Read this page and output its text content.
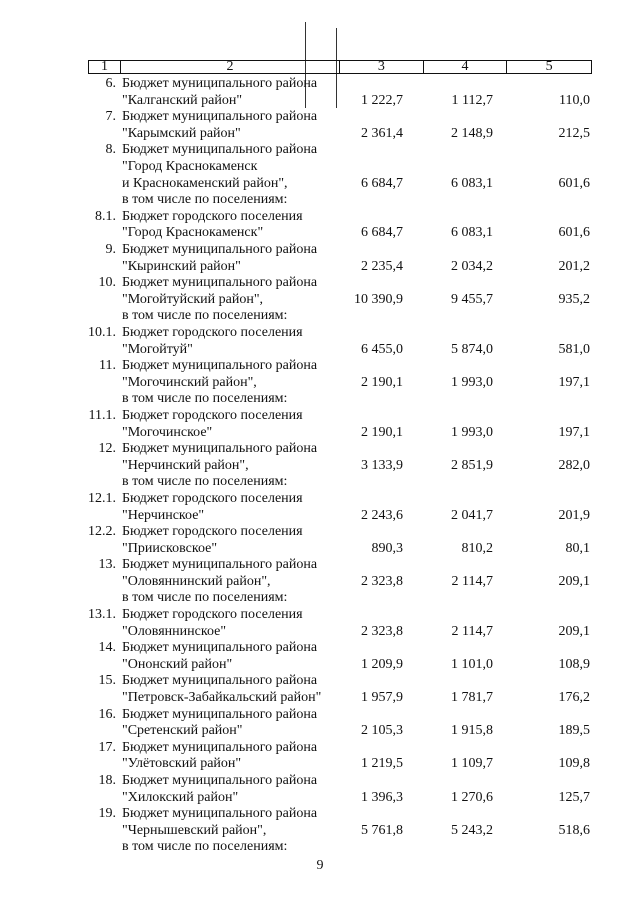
1	2	3	4	5
6. Бюджет муниципального района
"Калганский район"	1 222,7	1 112,7	110,0
7. Бюджет муниципального района
"Карымский район"	2 361,4	2 148,9	212,5
8. Бюджет муниципального района
"Город Краснокаменск
и Краснокаменский район",
в том числе по поселениям:
6 684,7	6 083,1	601,6
8.1. Бюджет городского поселения
"Город Краснокаменск"	6 684,7	6 083,1	601,6
9. Бюджет муниципального района
"Кыринский район"	2 235,4	2 034,2	201,2
10. Бюджет муниципального района
"Могойтуйский район",
в том числе по поселениям:
10 390,9	9 455,7	935,2
10.1. Бюджет городского поселения
"Могойтуй"	6 455,0	5 874,0	581,0
11. Бюджет муниципального района
"Могочинский район",
в том числе по поселениям:
2 190,1	1 993,0	197,1
11.1. Бюджет городского поселения
"Могочинское"	2 190,1	1 993,0	197,1
12. Бюджет муниципального района
"Нерчинский район",
в том числе по поселениям:
3 133,9	2 851,9	282,0
12.1. Бюджет городского поселения
"Нерчинское"	2 243,6	2 041,7	201,9
12.2. Бюджет городского поселения
"Приисковское"	890,3	810,2	80,1
13. Бюджет муниципального района
"Оловяннинский район",
в том числе по поселениям:
2 323,8	2 114,7	209,1
13.1. Бюджет городского поселения
"Оловяннинское"	2 323,8	2 114,7	209,1
14. Бюджет муниципального района
"Ононский район"	1 209,9	1 101,0	108,9
15. Бюджет муниципального района
"Петровск-Забайкальский район"	1 957,9	1 781,7	176,2
16. Бюджет муниципального района
"Сретенский район"	2 105,3	1 915,8	189,5
17. Бюджет муниципального района
"Улётовский район"	1 219,5	1 109,7	109,8
18. Бюджет муниципального района
"Хилокский район"	1 396,3	1 270,6	125,7
19. Бюджет муниципального района
"Чернышевский район",
в том числе по поселениям:
5 761,8	5 243,2	518,6
9
